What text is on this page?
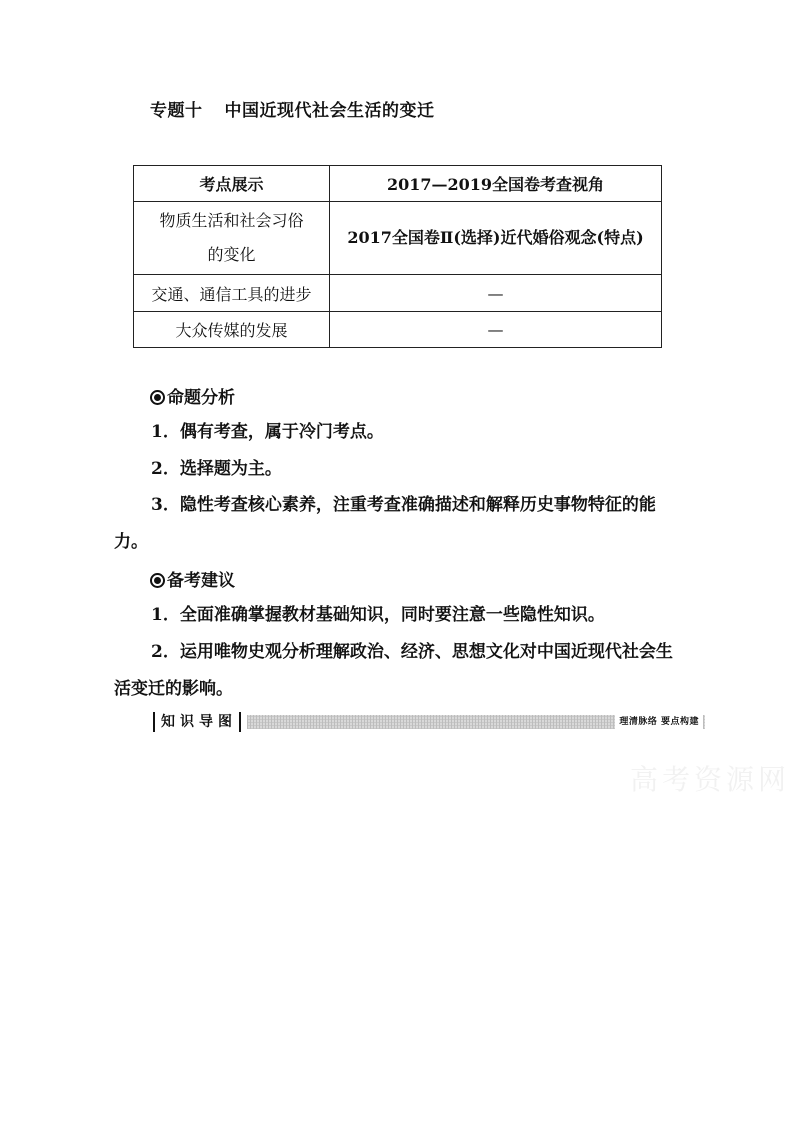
专题十 中国近现代社会生活的变迁
考点展示	2017—2019全国卷考查视角

物质生活和社会习俗
的变化	2017全国卷Ⅱ(选择)近代婚俗观念(特点)
交通、通信工具的进步	—
大众传媒的发展	—
命题分析
1．偶有考查，属于冷门考点。
2．选择题为主。
3．隐性考查核心素养，注重考查准确描述和解释历史事物特征的能力。
备考建议
1．全面准确掌握教材基础知识，同时要注意一些隐性知识。
2．运用唯物史观分析理解政治、经济、思想文化对中国近现代社会生活变迁的影响。
知识导图	理清脉络 要点构建
高考资源网
